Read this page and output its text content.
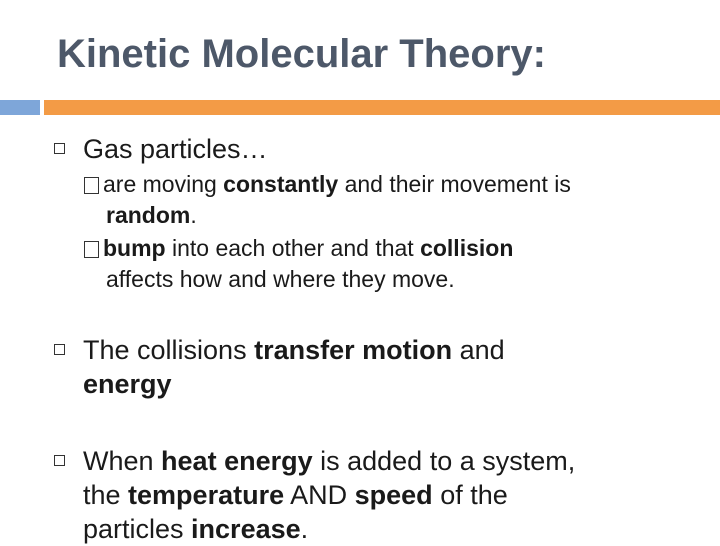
Kinetic Molecular Theory:
Gas particles…
are moving constantly and their movement is
random.
bump into each other and that collision
affects how and where they move.
The collisions transfer motion and
energy
When heat energy is added to a system,
the temperature AND speed of the
particles increase.
